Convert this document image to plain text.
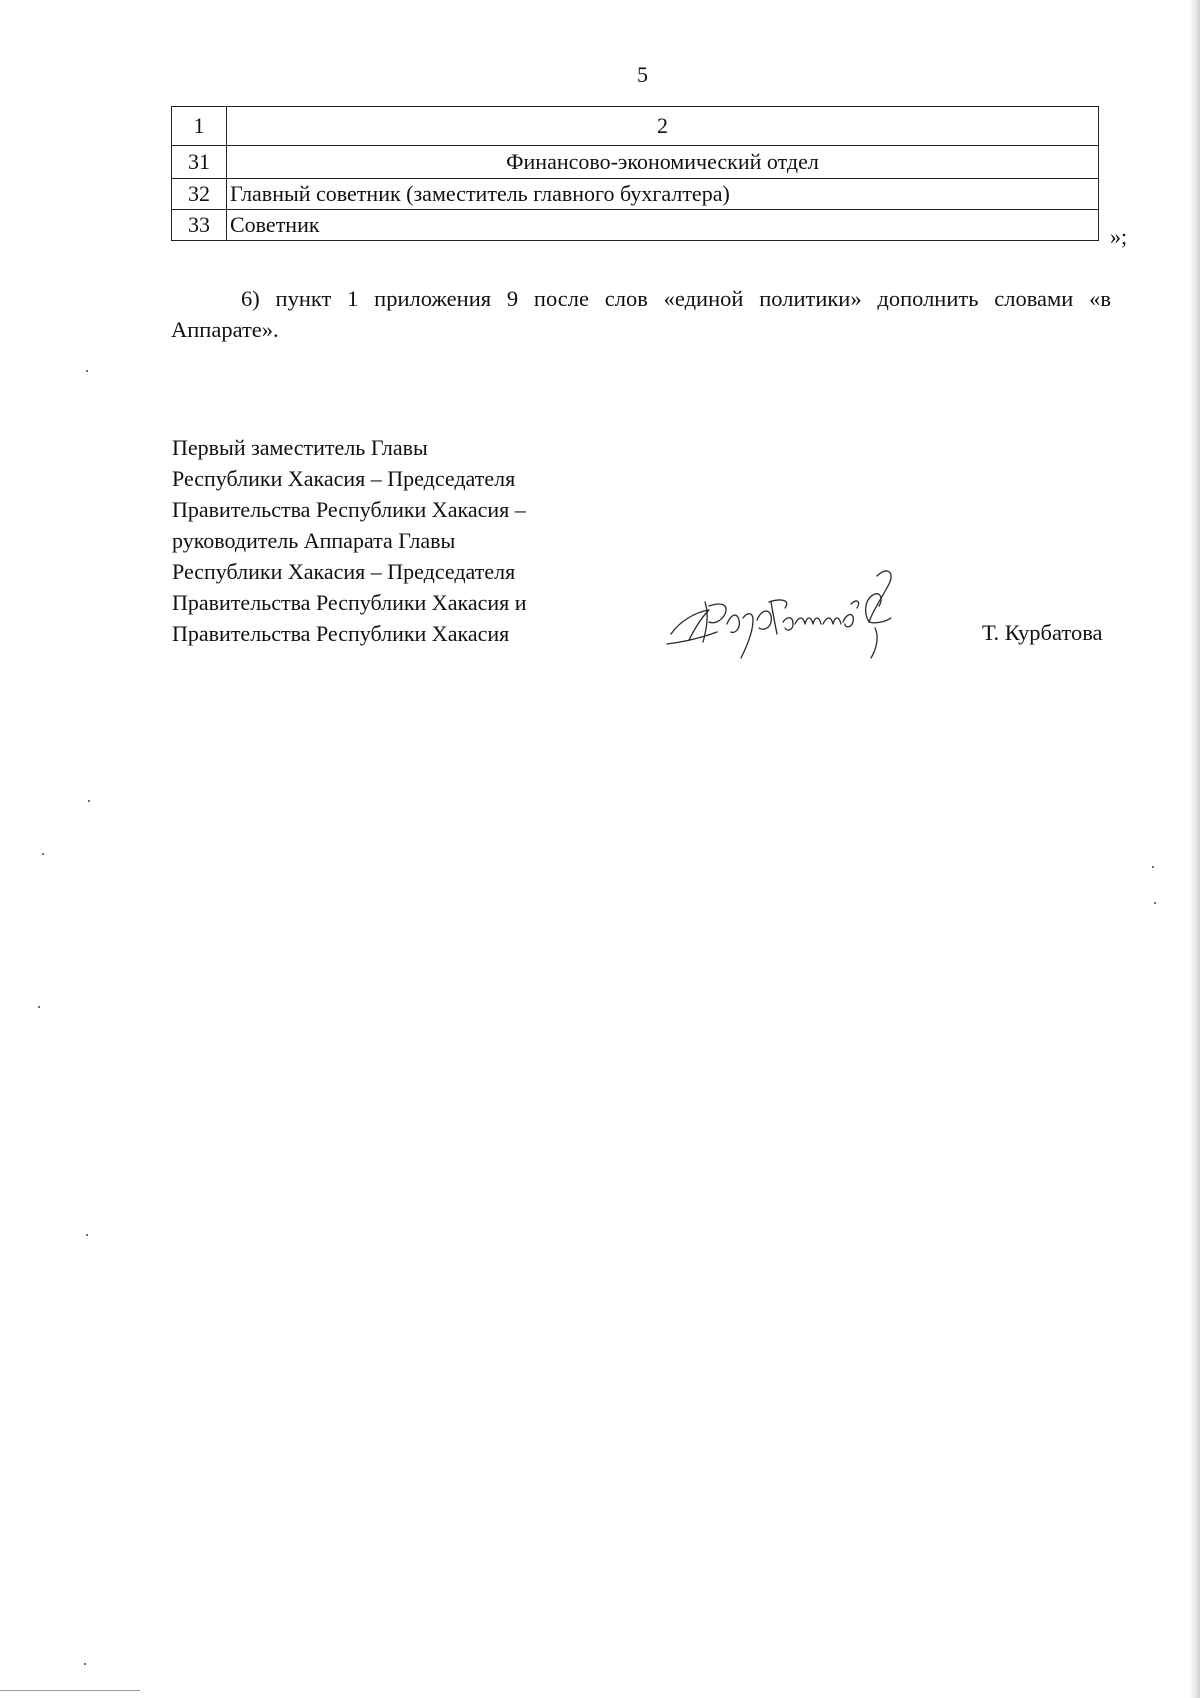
5
1	2
31	Финансово-экономический отдел
32	Главный советник (заместитель главного бухгалтера)
33	Советник	»;

6) пункт 1 приложения 9 после слов «единой политики» дополнить словами «в Аппарате».

Первый заместитель Главы
Республики Хакасия – Председателя
Правительства Республики Хакасия –
руководитель Аппарата Главы
Республики Хакасия – Председателя
Правительства Республики Хакасия и
Правительства Республики Хакасия	Т. Курбатова
